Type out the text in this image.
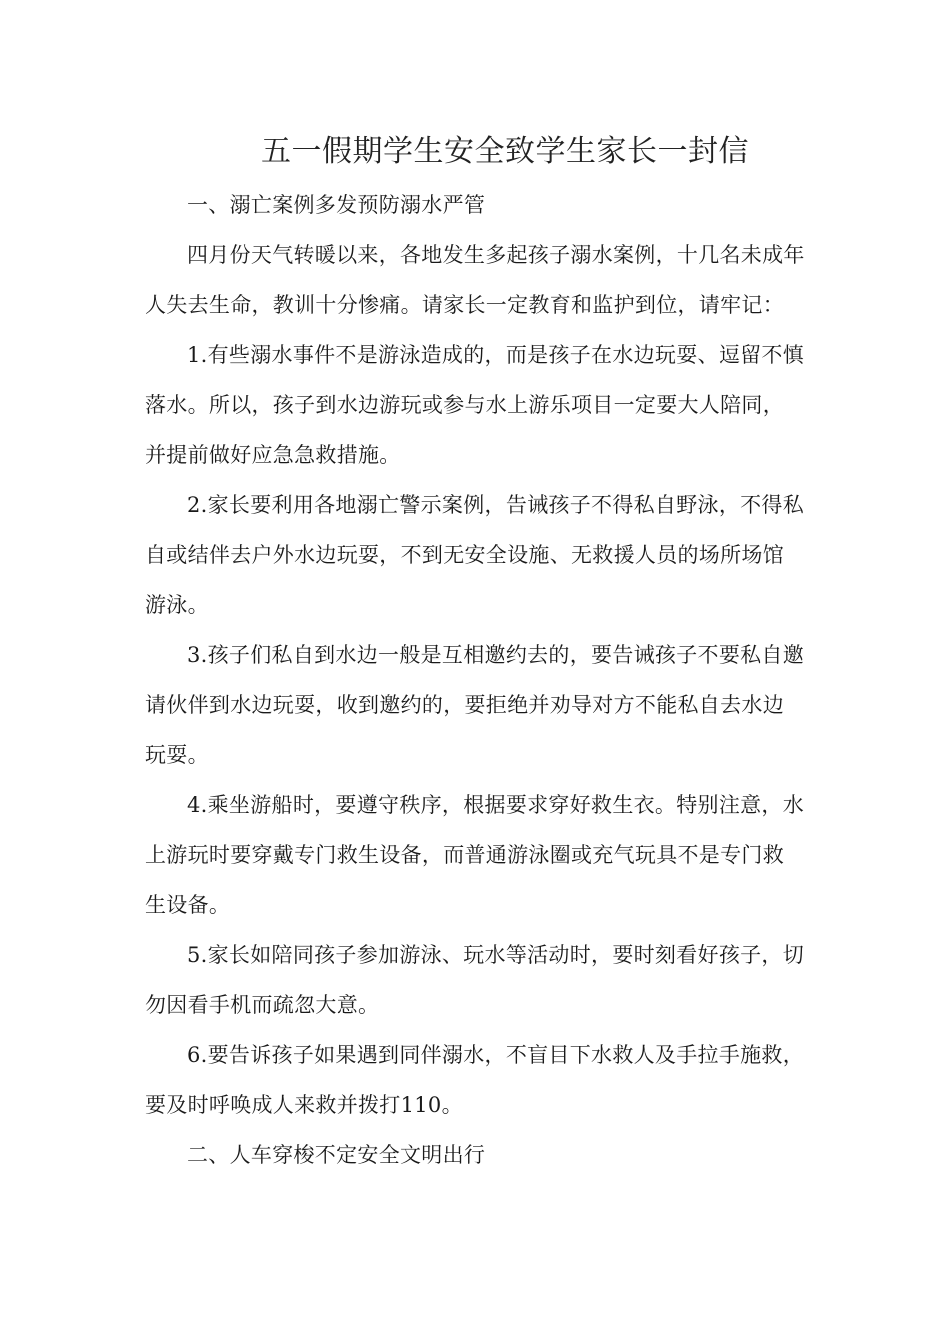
五一假期学生安全致学生家长一封信

一、溺亡案例多发预防溺水严管

四月份天气转暖以来，各地发生多起孩子溺水案例，十几名未成年人失去生命，教训十分惨痛。请家长一定教育和监护到位，请牢记：

1.有些溺水事件不是游泳造成的，而是孩子在水边玩耍、逗留不慎落水。所以，孩子到水边游玩或参与水上游乐项目一定要大人陪同，并提前做好应急急救措施。

2.家长要利用各地溺亡警示案例，告诫孩子不得私自野泳，不得私自或结伴去户外水边玩耍，不到无安全设施、无救援人员的场所场馆游泳。

3.孩子们私自到水边一般是互相邀约去的，要告诫孩子不要私自邀请伙伴到水边玩耍，收到邀约的，要拒绝并劝导对方不能私自去水边玩耍。

4.乘坐游船时，要遵守秩序，根据要求穿好救生衣。特别注意，水上游玩时要穿戴专门救生设备，而普通游泳圈或充气玩具不是专门救生设备。

5.家长如陪同孩子参加游泳、玩水等活动时，要时刻看好孩子，切勿因看手机而疏忽大意。

6.要告诉孩子如果遇到同伴溺水，不盲目下水救人及手拉手施救，要及时呼唤成人来救并拨打110。

二、人车穿梭不定安全文明出行
